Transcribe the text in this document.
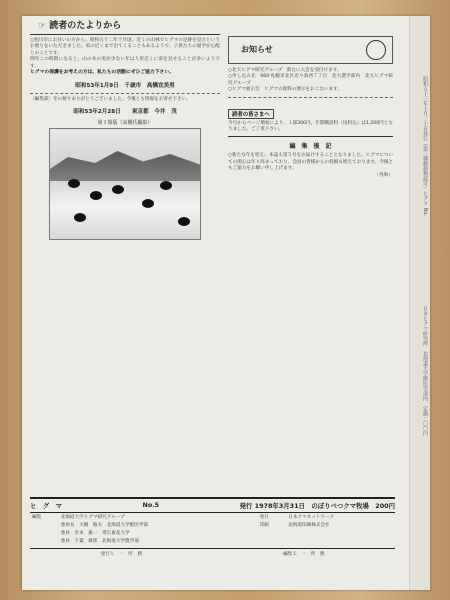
昭和五十三年十月二十日発行（第三種郵便物認可）ヒグマ No.
日本ヒグマ研究所　北海道大学獣医学部内　定価二〇〇円
☞ 読者のたよりから

○旭川市にお住いの方から、昭和五十二年十月頃、近くの山林でヒグマの足跡を見たというお便りをいただきました。家の近くまで出てくることもあるようで、子供たちの通学が心配とのことです。

例年この時期になると、山の木の実が少ない年は人里近くに姿を見せることが多いようです。

ヒグマの保護をお考えの方は、私たちの活動にぜひご協力下さい。

昭和53年1月9日　千歳市　高橋宜美男

〔編集部〕冬の便りありがとうございました。今後とも情報をお寄せ下さい。

昭和53年2月28日　　東京都　今井　茂
第１報版（高橋氏撮影）
お知らせ

○北大ヒグマ研究グループ　新たに入会を受付けます。

○申し込み先　060 札幌市北区北９条西７丁目　北大農学部内　北大ヒグマ研究グループ

○ヒグマ展示会　ヒグマの資料の展示をおこないます。

読者の皆さまへ

今号からページ増加により、１部300円、年間購読料（送料込）は1,200円となりました。ご了承下さい。

編　集　後　記

○新たな年を迎え、本誌も第５号をお届けすることとなりました。ヒグマについての関心は年々高まっており、会員の皆様からの投稿も増えております。今後ともご協力をお願い申し上げます。

（各和）

ヒ　グ　マ	No.5	発行 1978年3月31日　のぼりべつクマ牧場　200円
編集	北海道大学ヒグマ研究グループ	発行	日本クマネットワーク
	委員長　大槻　敏夫　北海道大学獣医学部	印刷	北海道印刷株式会社
	委員　宮本　雄一　帯広畜産大学		
	委員　千葉　敏郎　北海道大学農学部		
発行人　一　所　務	編集人　一　所　務
